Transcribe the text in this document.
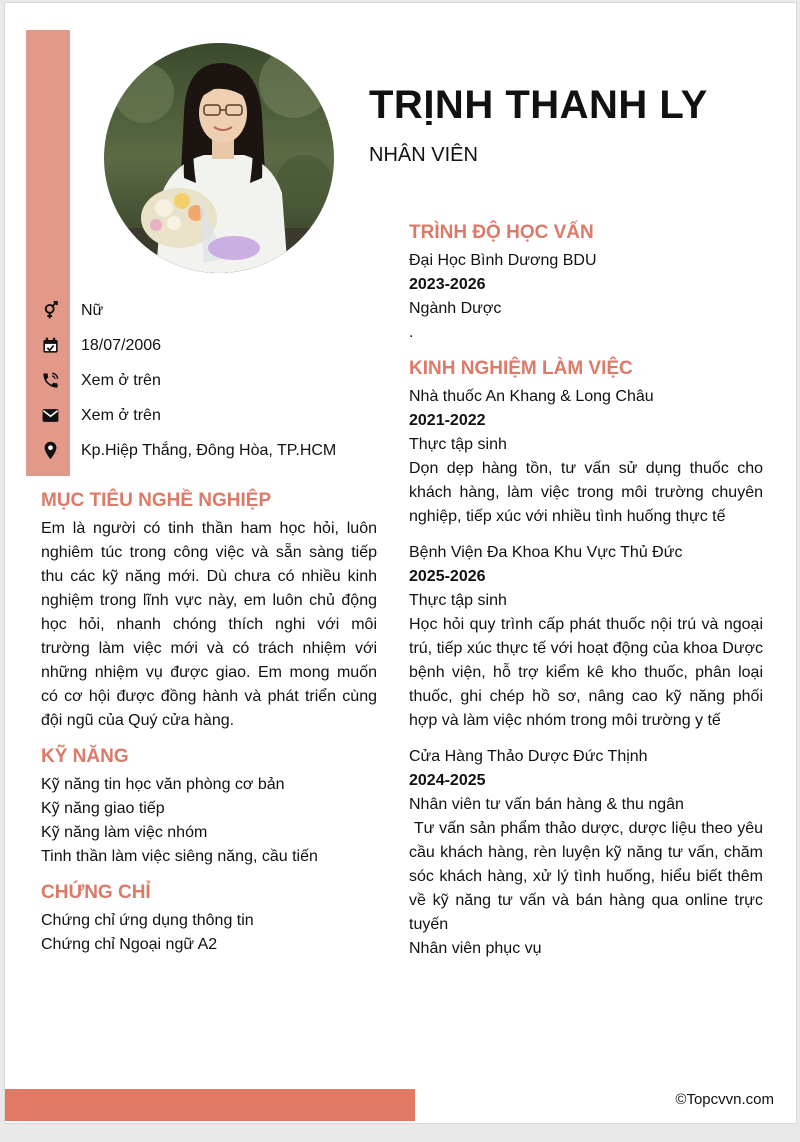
TRỊNH THANH LY

NHÂN VIÊN

Nữ
18/07/2006
Xem ở trên
Xem ở trên
Kp.Hiệp Thắng, Đông Hòa, TP.HCM
MỤC TIÊU NGHỀ NGHIỆP

Em là người có tinh thần ham học hỏi, luôn nghiêm túc trong công việc và sẵn sàng tiếp thu các kỹ năng mới. Dù chưa có nhiều kinh nghiệm trong lĩnh vực này, em luôn chủ động học hỏi, nhanh chóng thích nghi với môi trường làm việc mới và có trách nhiệm với những nhiệm vụ được giao. Em mong muốn có cơ hội được đồng hành và phát triển cùng đội ngũ của Quý cửa hàng.

KỸ NĂNG

Kỹ năng tin học văn phòng cơ bản

Kỹ năng giao tiếp

Kỹ năng làm việc nhóm

Tinh thần làm việc siêng năng, cầu tiến

CHỨNG CHỈ

Chứng chỉ ứng dụng thông tin

Chứng chỉ Ngoại ngữ A2

TRÌNH ĐỘ HỌC VẤN

Đại Học Bình Dương BDU

2023-2026

Ngành Dược

.

KINH NGHIỆM LÀM VIỆC

Nhà thuốc An Khang & Long Châu

2021-2022

Thực tập sinh

Dọn dẹp hàng tồn, tư vấn sử dụng thuốc cho khách hàng, làm việc trong môi trường chuyên nghiệp, tiếp xúc với nhiều tình huống thực tế

Bệnh Viện Đa Khoa Khu Vực Thủ Đức

2025-2026

Thực tập sinh

Học hỏi quy trình cấp phát thuốc nội trú và ngoại trú, tiếp xúc thực tế với hoạt động của khoa Dược bệnh viện, hỗ trợ kiểm kê kho thuốc, phân loại thuốc, ghi chép hồ sơ, nâng cao kỹ năng phối hợp và làm việc nhóm trong môi trường y tế

Cửa Hàng Thảo Dược Đức Thịnh

2024-2025

Nhân viên tư vấn bán hàng & thu ngân

Tư vấn sản phẩm thảo dược, dược liệu theo yêu cầu khách hàng, rèn luyện kỹ năng tư vấn, chăm sóc khách hàng, xử lý tình huống, hiểu biết thêm về kỹ năng tư vấn và bán hàng qua online trực tuyến

Nhân viên phục vụ

©Topcvvn.com
